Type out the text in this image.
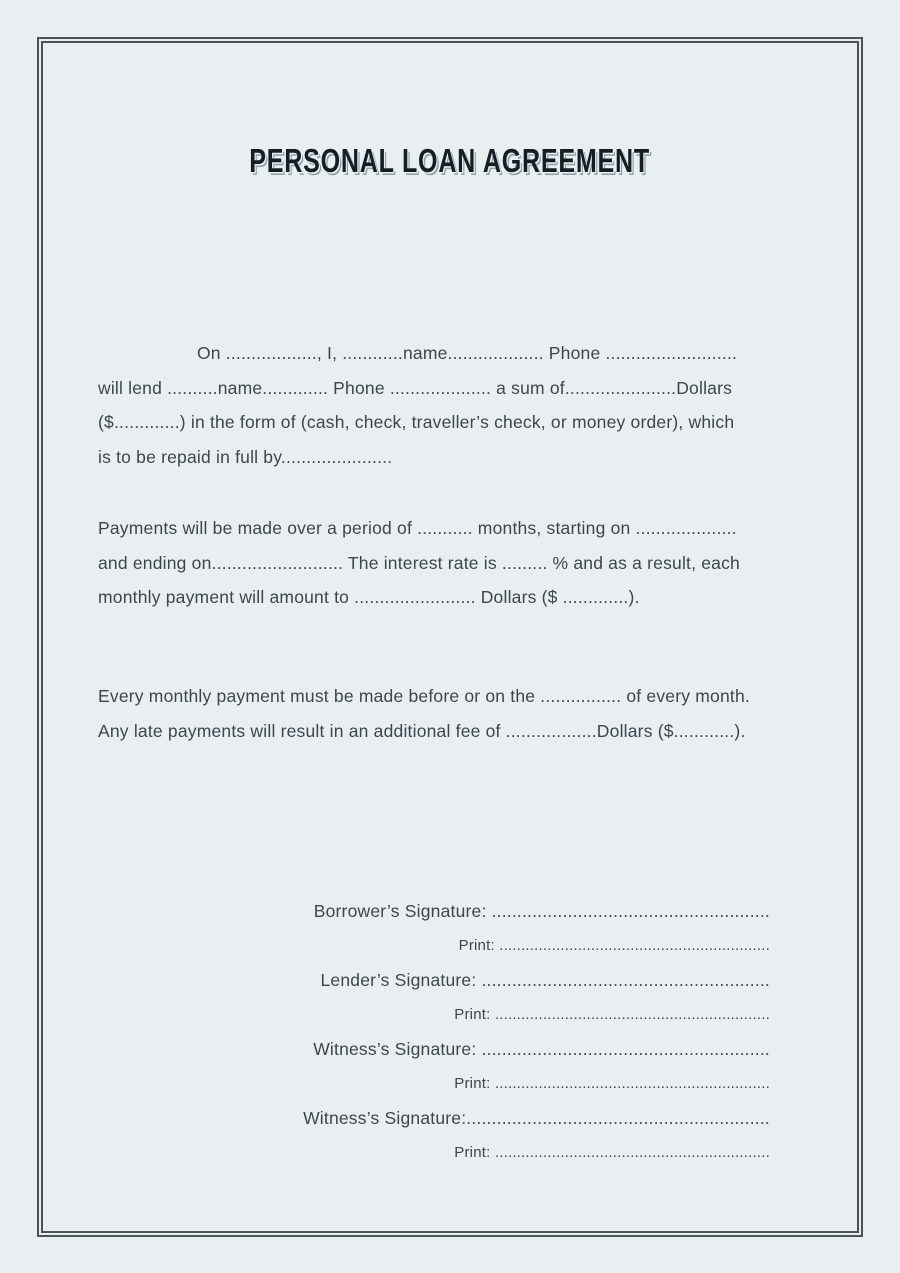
PERSONAL LOAN AGREEMENT
On .................., I, ............name................... Phone ..........................
will lend ..........name............. Phone .................... a sum of......................Dollars
($.............) in the form of (cash, check, traveller’s check, or money order), which
is to be repaid in full by......................
Payments will be made over a period of ........... months, starting on ....................
and ending on.......................... The interest rate is ......... % and as a result, each
monthly payment will amount to ........................ Dollars ($ .............).
Every monthly payment must be made before or on the ................ of every month.
Any late payments will result in an additional fee of ..................Dollars ($............).
Borrower’s Signature: .......................................................
Print: ..............................................................
Lender’s Signature: .........................................................
Print: ...............................................................
Witness’s Signature: .........................................................
Print: ...............................................................
Witness’s Signature:............................................................
Print: ...............................................................
